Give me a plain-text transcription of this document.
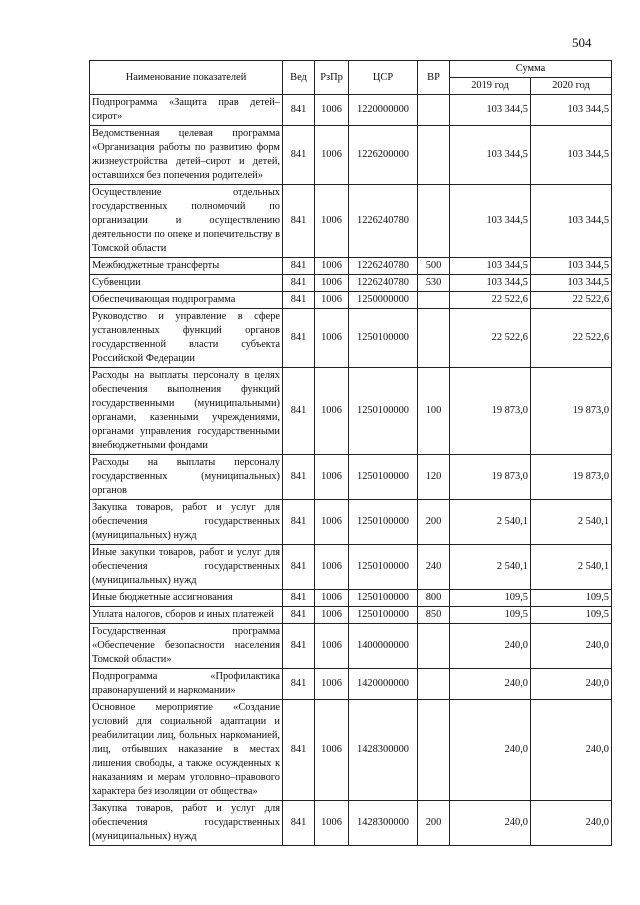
504
Наименование показателей	Вед	РзПр	ЦСР	ВР	Сумма	
					2019 год	2020 год
Подпрограмма «Защита прав детей–сирот»	841	1006	1220000000		103 344,5	103 344,5
Ведомственная целевая программа «Организация работы по развитию форм жизнеустройства детей–сирот и детей, оставшихся без попечения родителей»	841	1006	1226200000		103 344,5	103 344,5
Осуществление отдельных государственных полномочий по организации и осуществлению деятельности по опеке и попечительству в Томской области	841	1006	1226240780		103 344,5	103 344,5
Межбюджетные трансферты	841	1006	1226240780	500	103 344,5	103 344,5
Субвенции	841	1006	1226240780	530	103 344,5	103 344,5
Обеспечивающая подпрограмма	841	1006	1250000000		22 522,6	22 522,6
Руководство и управление в сфере установленных функций органов государственной власти субъекта Российской Федерации	841	1006	1250100000		22 522,6	22 522,6
Расходы на выплаты персоналу в целях обеспечения выполнения функций государственными (муниципальными) органами, казенными учреждениями, органами управления государственными внебюджетными фондами	841	1006	1250100000	100	19 873,0	19 873,0
Расходы на выплаты персоналу государственных (муниципальных) органов	841	1006	1250100000	120	19 873,0	19 873,0
Закупка товаров, работ и услуг для обеспечения государственных (муниципальных) нужд	841	1006	1250100000	200	2 540,1	2 540,1
Иные закупки товаров, работ и услуг для обеспечения государственных (муниципальных) нужд	841	1006	1250100000	240	2 540,1	2 540,1
Иные бюджетные ассигнования	841	1006	1250100000	800	109,5	109,5
Уплата налогов, сборов и иных платежей	841	1006	1250100000	850	109,5	109,5
Государственная программа «Обеспечение безопасности населения Томской области»	841	1006	1400000000		240,0	240,0
Подпрограмма «Профилактика правонарушений и наркомании»	841	1006	1420000000		240,0	240,0
Основное мероприятие «Создание условий для социальной адаптации и реабилитации лиц, больных наркоманией, лиц, отбывших наказание в местах лишения свободы, а также осужденных к наказаниям и мерам уголовно–правового характера без изоляции от общества»	841	1006	1428300000		240,0	240,0
Закупка товаров, работ и услуг для обеспечения государственных (муниципальных) нужд	841	1006	1428300000	200	240,0	240,0
